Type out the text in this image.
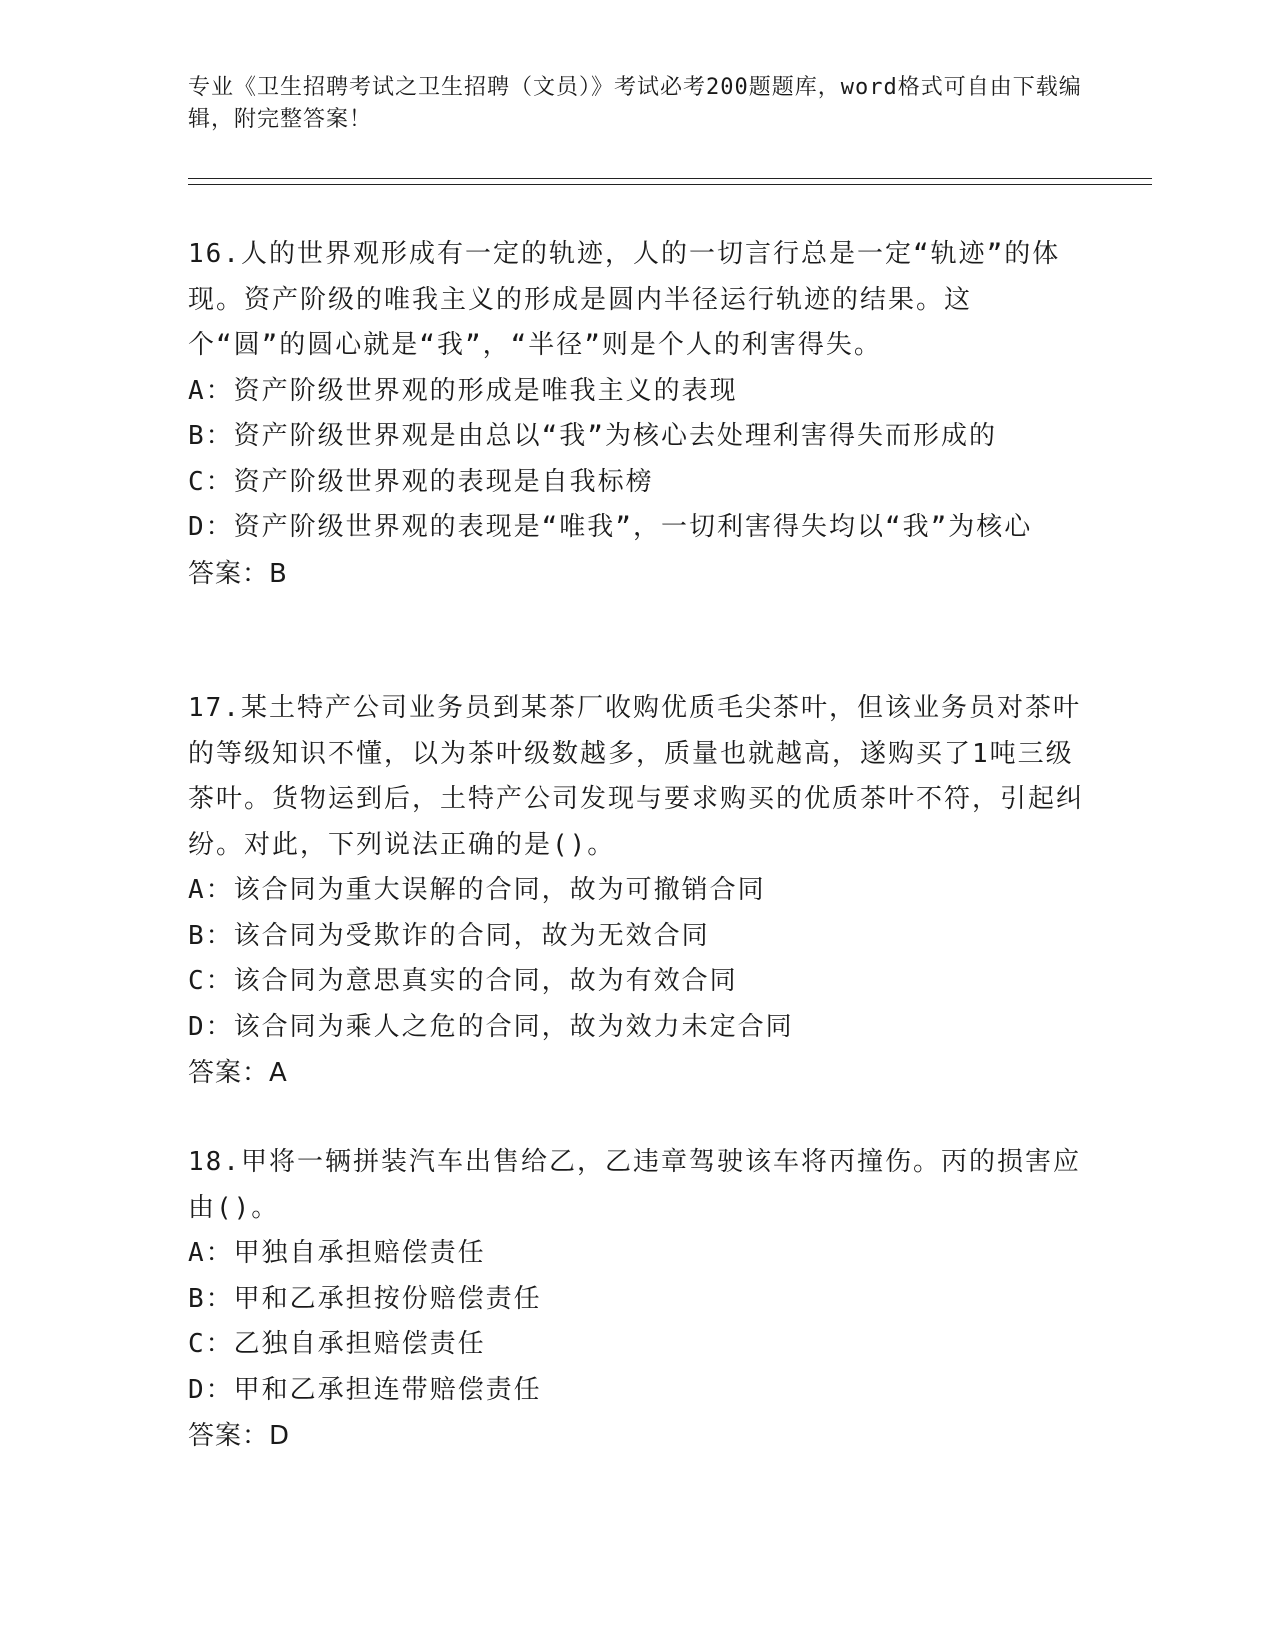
专业《卫生招聘考试之卫生招聘（文员）》考试必考200题题库，word格式可自由下载编辑，附完整答案！

16.人的世界观形成有一定的轨迹，人的一切言行总是一定“轨迹”的体现。资产阶级的唯我主义的形成是圆内半径运行轨迹的结果。这个“圆”的圆心就是“我”，“半径”则是个人的利害得失。

A：资产阶级世界观的形成是唯我主义的表现

B：资产阶级世界观是由总以“我”为核心去处理利害得失而形成的

C：资产阶级世界观的表现是自我标榜

D：资产阶级世界观的表现是“唯我”，一切利害得失均以“我”为核心

答案：B

17.某土特产公司业务员到某茶厂收购优质毛尖茶叶，但该业务员对茶叶的等级知识不懂，以为茶叶级数越多，质量也就越高，遂购买了1吨三级茶叶。货物运到后，土特产公司发现与要求购买的优质茶叶不符，引起纠纷。对此，下列说法正确的是()。

A：该合同为重大误解的合同，故为可撤销合同

B：该合同为受欺诈的合同，故为无效合同

C：该合同为意思真实的合同，故为有效合同

D：该合同为乘人之危的合同，故为效力未定合同

答案：A

18.甲将一辆拼装汽车出售给乙，乙违章驾驶该车将丙撞伤。丙的损害应由()。

A：甲独自承担赔偿责任

B：甲和乙承担按份赔偿责任

C：乙独自承担赔偿责任

D：甲和乙承担连带赔偿责任

答案：D
